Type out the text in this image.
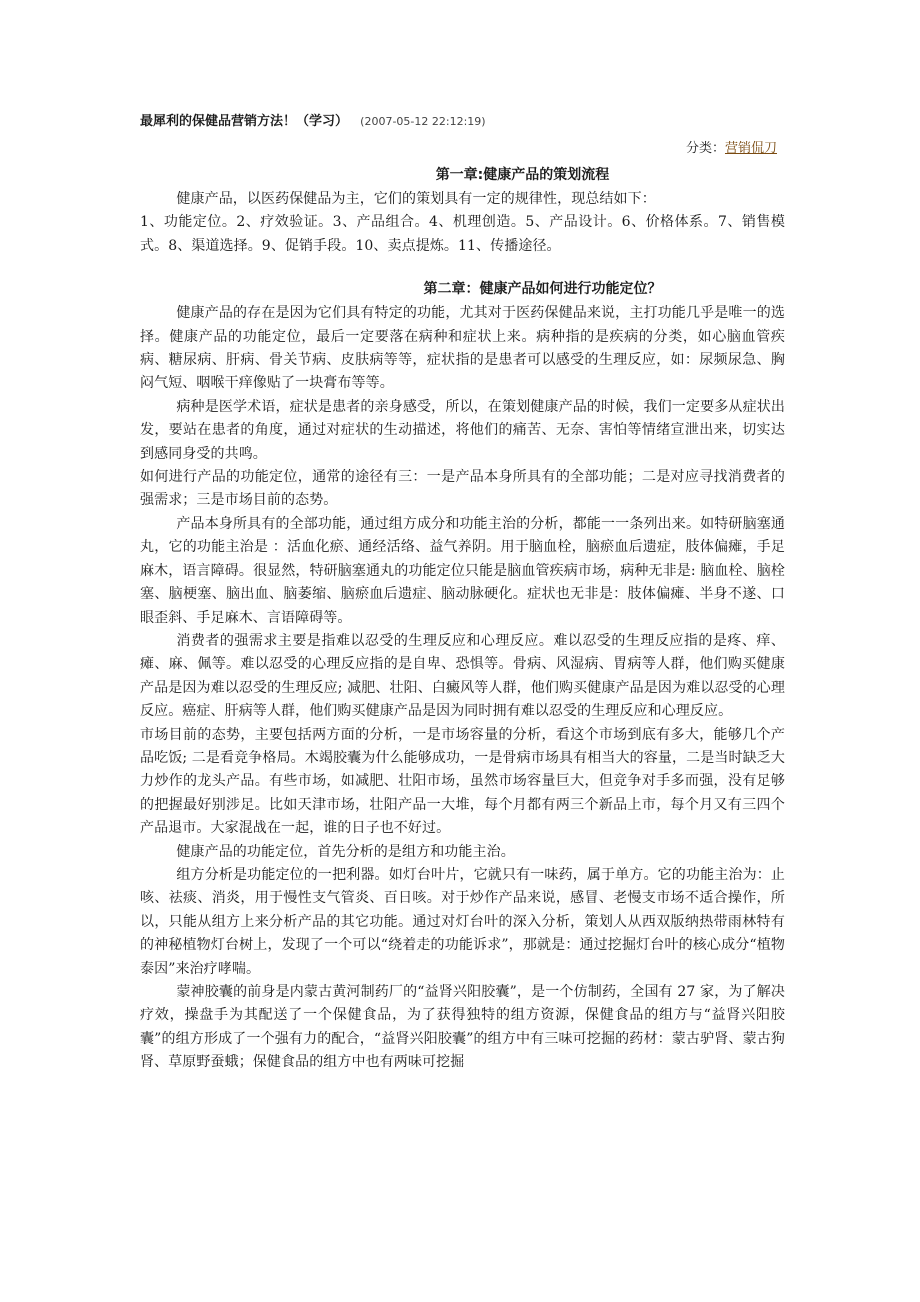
最犀利的保健品营销方法！（学习） (2007-05-12 22:12:19)
分类：营销侃刀
第一章:健康产品的策划流程

健康产品，以医药保健品为主，它们的策划具有一定的规律性，现总结如下：

1、功能定位。2、疗效验证。3、产品组合。4、机理创造。5、产品设计。6、价格体系。7、销售模式。8、渠道选择。9、促销手段。10、卖点提炼。11、传播途径。

第二章：健康产品如何进行功能定位？

健康产品的存在是因为它们具有特定的功能，尤其对于医药保健品来说，主打功能几乎是唯一的选择。健康产品的功能定位，最后一定要落在病种和症状上来。病种指的是疾病的分类，如心脑血管疾病、糖尿病、肝病、骨关节病、皮肤病等等，症状指的是患者可以感受的生理反应，如：尿频尿急、胸闷气短、咽喉干痒像贴了一块膏布等等。

病种是医学术语，症状是患者的亲身感受，所以，在策划健康产品的时候，我们一定要多从症状出发，要站在患者的角度，通过对症状的生动描述，将他们的痛苦、无奈、害怕等情绪宣泄出来，切实达到感同身受的共鸣。

如何进行产品的功能定位，通常的途径有三：一是产品本身所具有的全部功能；二是对应寻找消费者的强需求；三是市场目前的态势。

产品本身所具有的全部功能，通过组方成分和功能主治的分析，都能一一条列出来。如特研脑塞通丸，它的功能主治是 ：活血化瘀、通经活络、益气养阴。用于脑血栓，脑瘀血后遗症，肢体偏瘫，手足麻木，语言障碍。很显然，特研脑塞通丸的功能定位只能是脑血管疾病市场，病种无非是: 脑血栓、脑栓塞、脑梗塞、脑出血、脑萎缩、脑瘀血后遗症、脑动脉硬化。症状也无非是：肢体偏瘫、半身不遂、口眼歪斜、手足麻木、言语障碍等。

消费者的强需求主要是指难以忍受的生理反应和心理反应。难以忍受的生理反应指的是疼、痒、瘫、麻、佩等。难以忍受的心理反应指的是自卑、恐惧等。骨病、风湿病、胃病等人群，他们购买健康产品是因为难以忍受的生理反应; 减肥、壮阳、白癜风等人群，他们购买健康产品是因为难以忍受的心理反应。癌症、肝病等人群，他们购买健康产品是因为同时拥有难以忍受的生理反应和心理反应。

市场目前的态势，主要包括两方面的分析，一是市场容量的分析，看这个市场到底有多大，能够几个产品吃饭; 二是看竞争格局。木竭胶囊为什么能够成功，一是骨病市场具有相当大的容量，二是当时缺乏大力炒作的龙头产品。有些市场，如减肥、壮阳市场，虽然市场容量巨大，但竞争对手多而强，没有足够的把握最好别涉足。比如天津市场，壮阳产品一大堆，每个月都有两三个新品上市，每个月又有三四个产品退市。大家混战在一起，谁的日子也不好过。

健康产品的功能定位，首先分析的是组方和功能主治。

组方分析是功能定位的一把利器。如灯台叶片，它就只有一味药，属于单方。它的功能主治为：止咳、祛痰、消炎，用于慢性支气管炎、百日咳。对于炒作产品来说，感冒、老慢支市场不适合操作，所以，只能从组方上来分析产品的其它功能。通过对灯台叶的深入分析，策划人从西双版纳热带雨林特有的神秘植物灯台树上，发现了一个可以“绕着走的功能诉求”，那就是：通过挖掘灯台叶的核心成分“植物泰因”来治疗哮喘。

蒙神胶囊的前身是内蒙古黄河制药厂的“益肾兴阳胶囊”，是一个仿制药，全国有 27 家，为了解决疗效，操盘手为其配送了一个保健食品，为了获得独特的组方资源，保健食品的组方与“益肾兴阳胶囊”的组方形成了一个强有力的配合，“益肾兴阳胶囊”的组方中有三味可挖掘的药材：蒙古驴肾、蒙古狗肾、草原野蚕蛾；保健食品的组方中也有两味可挖掘
